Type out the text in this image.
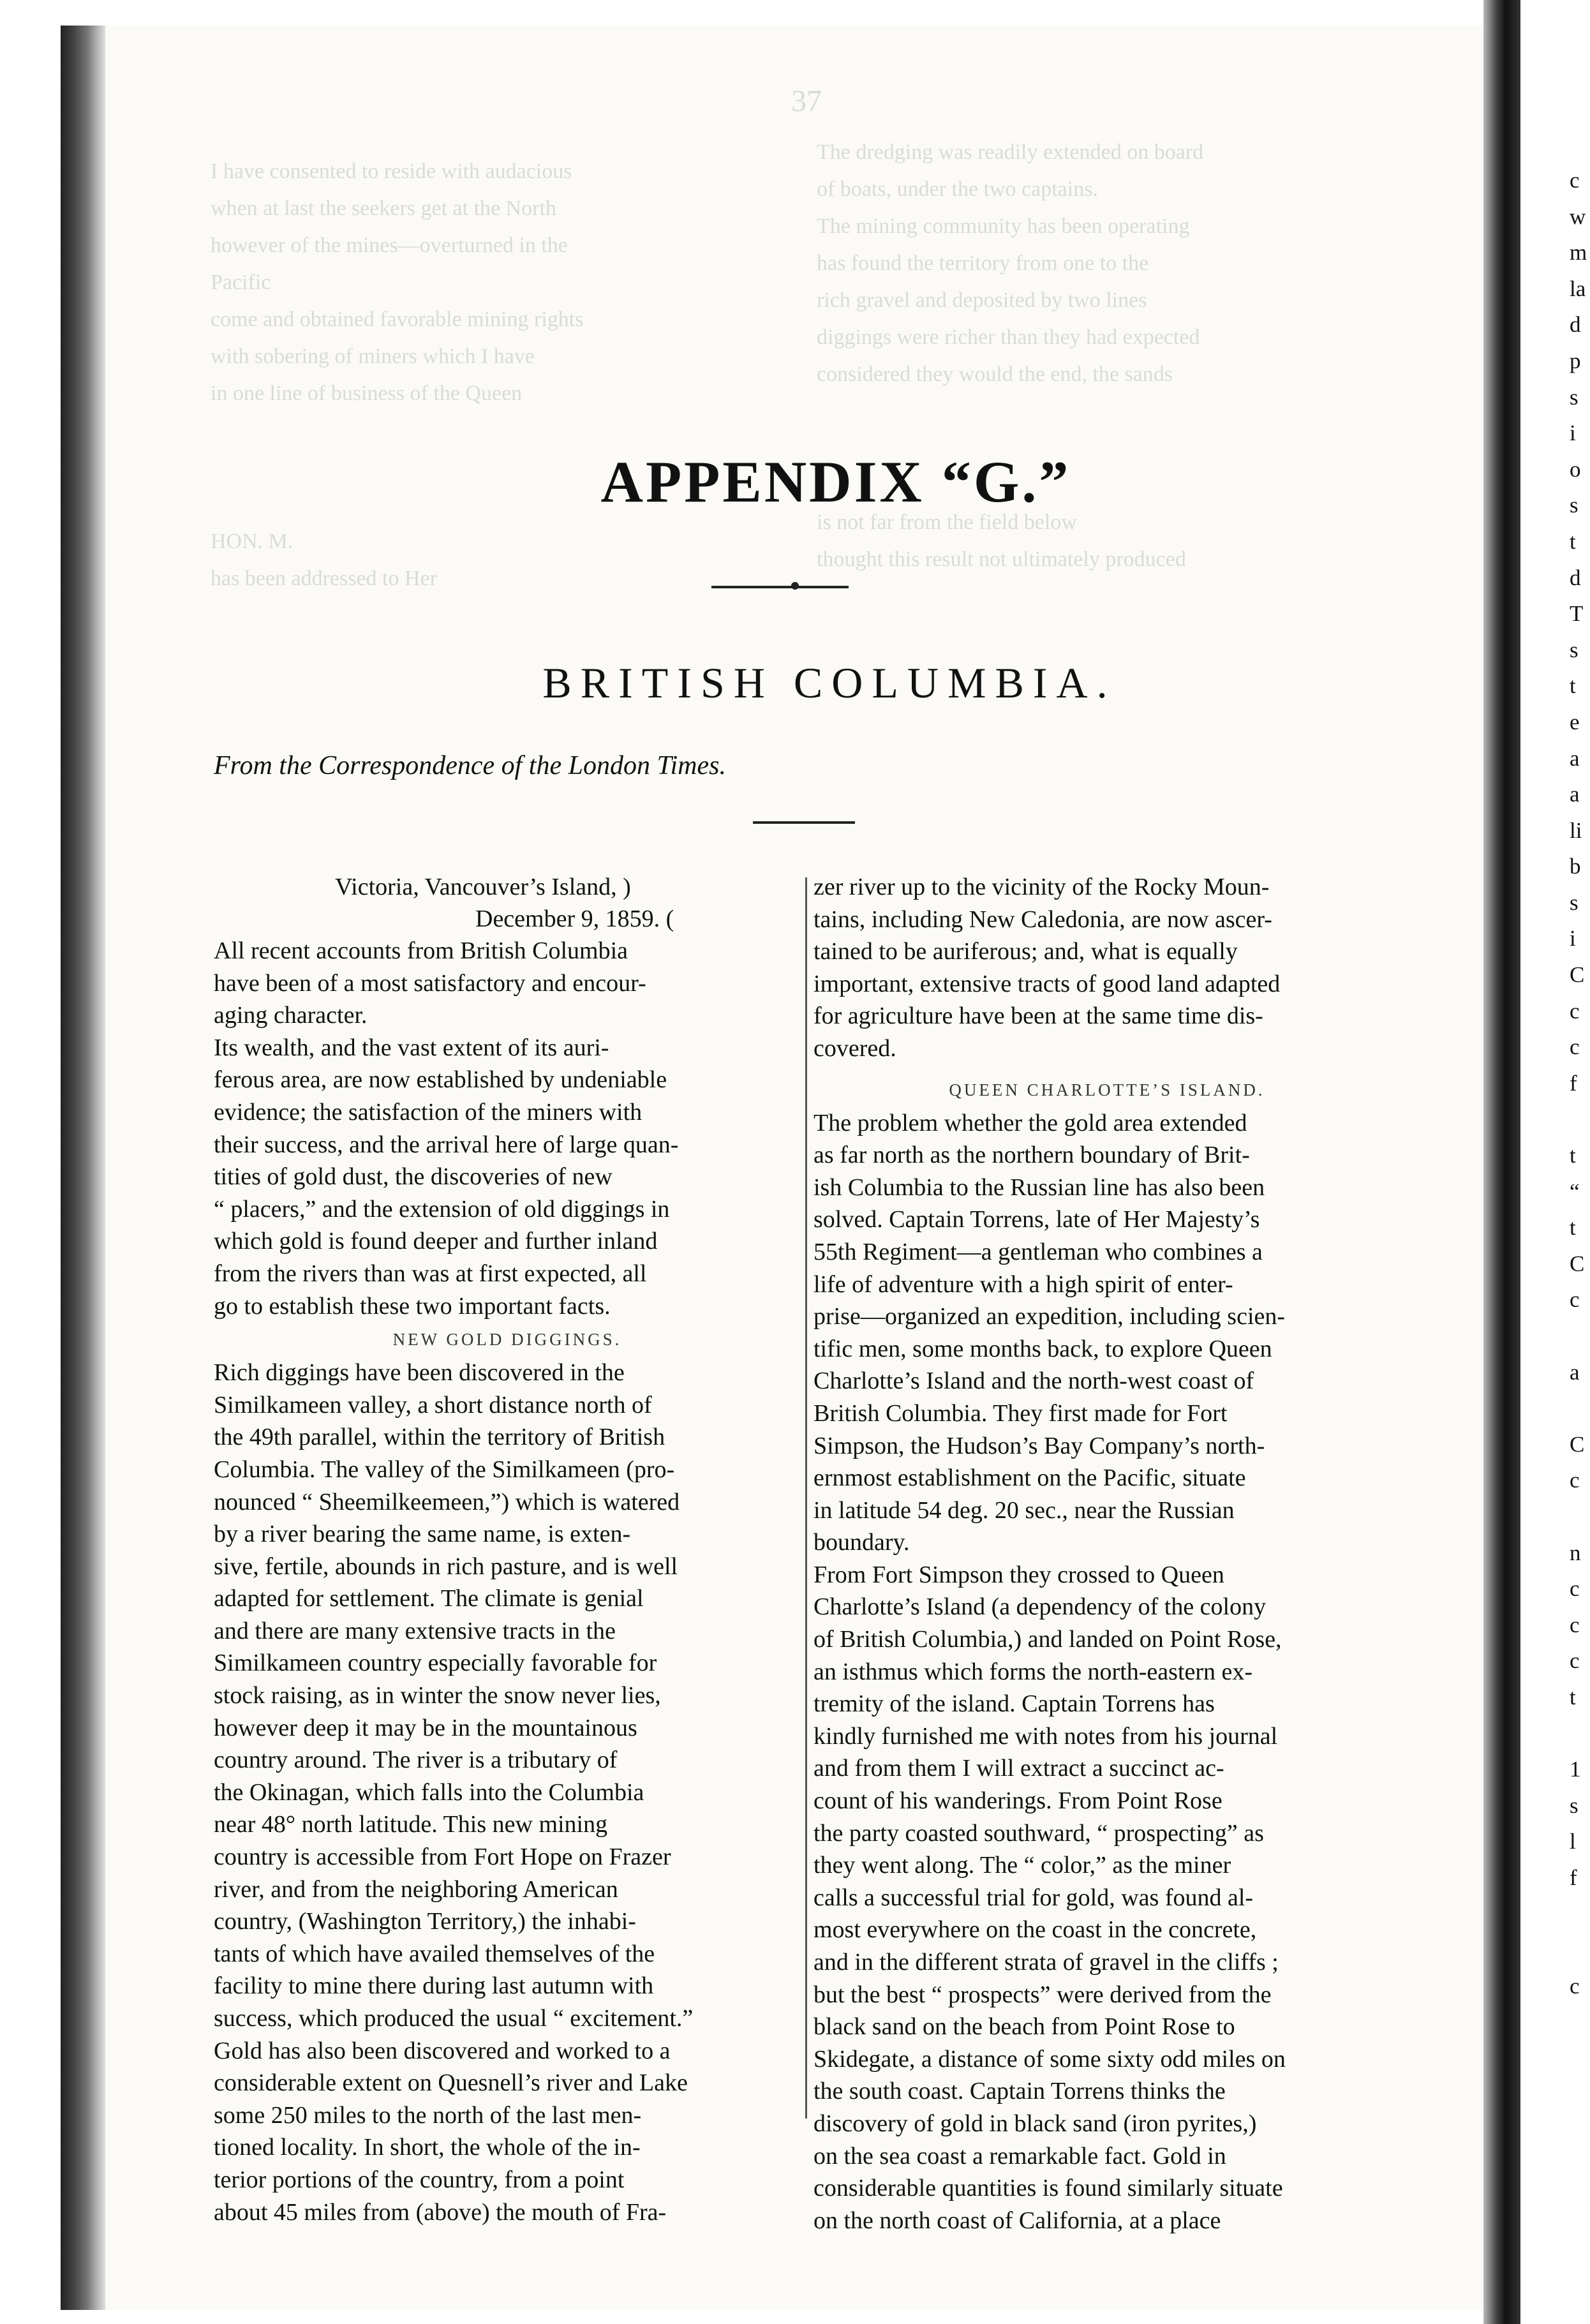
c
w
m
la
d
p
s
i
o
s
t
d
T
s
t
e
a
a
li
b
s
i
C
c
c
f
t
“
t
C
c
a
C
c
n
c
c
c
t
1
s
l
f
c
37
I have consented to reside with audacious
when at last the seekers get at the North
however of the mines—overturned in the
Pacific
come and obtained favorable mining rights
with sobering of miners which I have
in one line of business of the Queen
HON. M.
has been addressed to Her
The dredging was readily extended on board
of boats, under the two captains.
The mining community has been operating
has found the territory from one to the
rich gravel and deposited by two lines
diggings were richer than they had expected
considered they would the end, the sands
is not far from the field below
thought this result not ultimately produced
APPENDIX “G.”
BRITISH COLUMBIA.
From the Correspondence of the London Times.
Victoria, Vancouver’s Island, )
December 9, 1859. (
All recent accounts from British Columbia
have been of a most satisfactory and encour-
aging character.
Its wealth, and the vast extent of its auri-
ferous area, are now established by undeniable
evidence; the satisfaction of the miners with
their success, and the arrival here of large quan-
tities of gold dust, the discoveries of new
“ placers,” and the extension of old diggings in
which gold is found deeper and further inland
from the rivers than was at first expected, all
go to establish these two important facts.
NEW GOLD DIGGINGS.
Rich diggings have been discovered in the
Similkameen valley, a short distance north of
the 49th parallel, within the territory of British
Columbia. The valley of the Similkameen (pro-
nounced “ Sheemilkeemeen,”) which is watered
by a river bearing the same name, is exten-
sive, fertile, abounds in rich pasture, and is well
adapted for settlement. The climate is genial
and there are many extensive tracts in the
Similkameen country especially favorable for
stock raising, as in winter the snow never lies,
however deep it may be in the mountainous
country around. The river is a tributary of
the Okinagan, which falls into the Columbia
near 48° north latitude. This new mining
country is accessible from Fort Hope on Frazer
river, and from the neighboring American
country, (Washington Territory,) the inhabi-
tants of which have availed themselves of the
facility to mine there during last autumn with
success, which produced the usual “ excitement.”
Gold has also been discovered and worked to a
considerable extent on Quesnell’s river and Lake
some 250 miles to the north of the last men-
tioned locality. In short, the whole of the in-
terior portions of the country, from a point
about 45 miles from (above) the mouth of Fra-
zer river up to the vicinity of the Rocky Moun-
tains, including New Caledonia, are now ascer-
tained to be auriferous; and, what is equally
important, extensive tracts of good land adapted
for agriculture have been at the same time dis-
covered.
QUEEN CHARLOTTE’S ISLAND.
The problem whether the gold area extended
as far north as the northern boundary of Brit-
ish Columbia to the Russian line has also been
solved. Captain Torrens, late of Her Majesty’s
55th Regiment—a gentleman who combines a
life of adventure with a high spirit of enter-
prise—organized an expedition, including scien-
tific men, some months back, to explore Queen
Charlotte’s Island and the north-west coast of
British Columbia. They first made for Fort
Simpson, the Hudson’s Bay Company’s north-
ernmost establishment on the Pacific, situate
in latitude 54 deg. 20 sec., near the Russian
boundary.
From Fort Simpson they crossed to Queen
Charlotte’s Island (a dependency of the colony
of British Columbia,) and landed on Point Rose,
an isthmus which forms the north-eastern ex-
tremity of the island. Captain Torrens has
kindly furnished me with notes from his journal
and from them I will extract a succinct ac-
count of his wanderings. From Point Rose
the party coasted southward, “ prospecting” as
they went along. The “ color,” as the miner
calls a successful trial for gold, was found al-
most everywhere on the coast in the concrete,
and in the different strata of gravel in the cliffs ;
but the best “ prospects” were derived from the
black sand on the beach from Point Rose to
Skidegate, a distance of some sixty odd miles on
the south coast. Captain Torrens thinks the
discovery of gold in black sand (iron pyrites,)
on the sea coast a remarkable fact. Gold in
considerable quantities is found similarly situate
on the north coast of California, at a place
